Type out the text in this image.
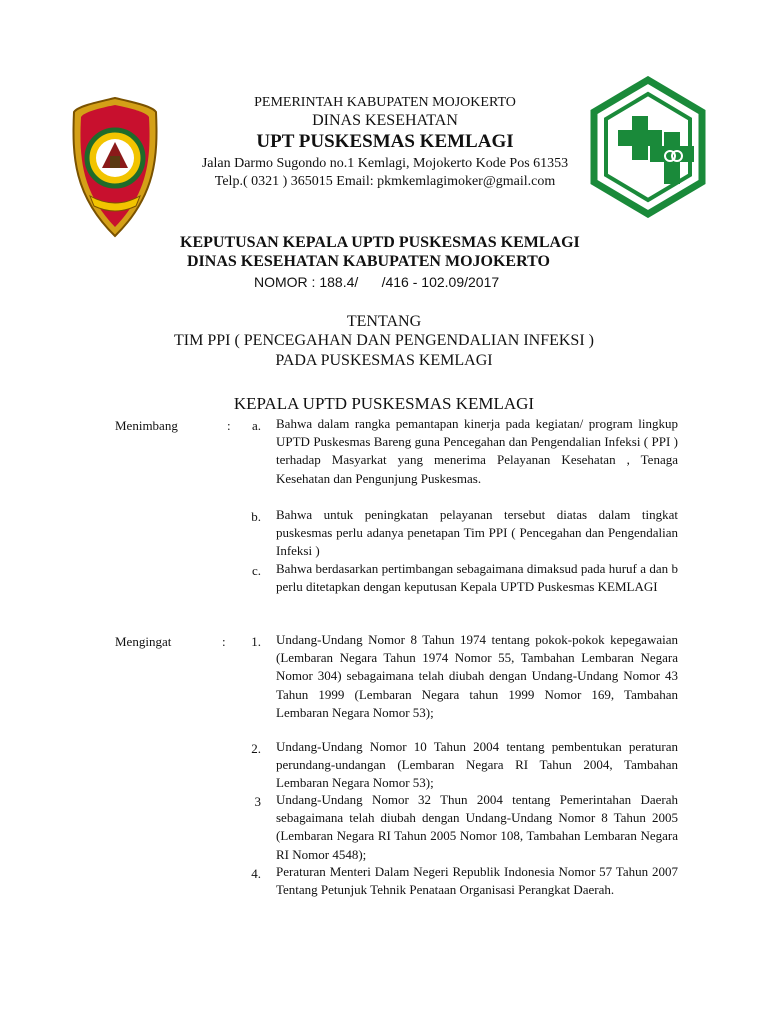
PEMERINTAH KABUPATEN MOJOKERTO
DINAS KESEHATAN
UPT PUSKESMAS KEMLAGI
Jalan Darmo Sugondo no.1 Kemlagi, Mojokerto Kode Pos 61353
Telp.( 0321 ) 365015 Email: pkmkemlagimoker@gmail.com
KEPUTUSAN KEPALA UPTD PUSKESMAS KEMLAGI
DINAS KESEHATAN KABUPATEN MOJOKERTO
NOMOR : 188.4/      /416 - 102.09/2017
TENTANG
TIM PPI ( PENCEGAHAN DAN PENGENDALIAN INFEKSI )
PADA PUSKESMAS KEMLAGI
KEPALA UPTD PUSKESMAS KEMLAGI
Menimbang	:	a. Bahwa dalam rangka pemantapan kinerja pada kegiatan/ program lingkup UPTD Puskesmas Bareng guna Pencegahan dan Pengendalian Infeksi ( PPI ) terhadap Masyarkat yang menerima Pelayanan Kesehatan , Tenaga Kesehatan dan Pengunjung Puskesmas.
b. Bahwa untuk peningkatan pelayanan tersebut diatas dalam tingkat puskesmas perlu adanya penetapan Tim PPI ( Pencegahan dan Pengendalian Infeksi )
c. Bahwa berdasarkan pertimbangan sebagaimana dimaksud pada huruf a dan b perlu ditetapkan dengan keputusan Kepala UPTD Puskesmas KEMLAGI
Mengingat	:	1. Undang-Undang Nomor 8 Tahun 1974 tentang pokok-pokok kepegawaian (Lembaran Negara Tahun 1974 Nomor 55, Tambahan Lembaran Negara Nomor 304) sebagaimana telah diubah dengan Undang-Undang Nomor 43 Tahun 1999 (Lembaran Negara tahun 1999 Nomor 169, Tambahan Lembaran Negara Nomor 53);
2. Undang-Undang Nomor 10 Tahun 2004 tentang pembentukan peraturan perundang-undangan (Lembaran Negara RI Tahun 2004, Tambahan Lembaran Negara Nomor 53);
3 Undang-Undang Nomor 32 Thun 2004 tentang Pemerintahan Daerah sebagaimana telah diubah dengan Undang-Undang Nomor 8 Tahun 2005 (Lembaran Negara RI Tahun 2005 Nomor 108, Tambahan Lembaran Negara RI Nomor 4548);
4. Peraturan Menteri Dalam Negeri Republik Indonesia Nomor 57 Tahun 2007 Tentang Petunjuk Tehnik Penataan Organisasi Perangkat Daerah.
